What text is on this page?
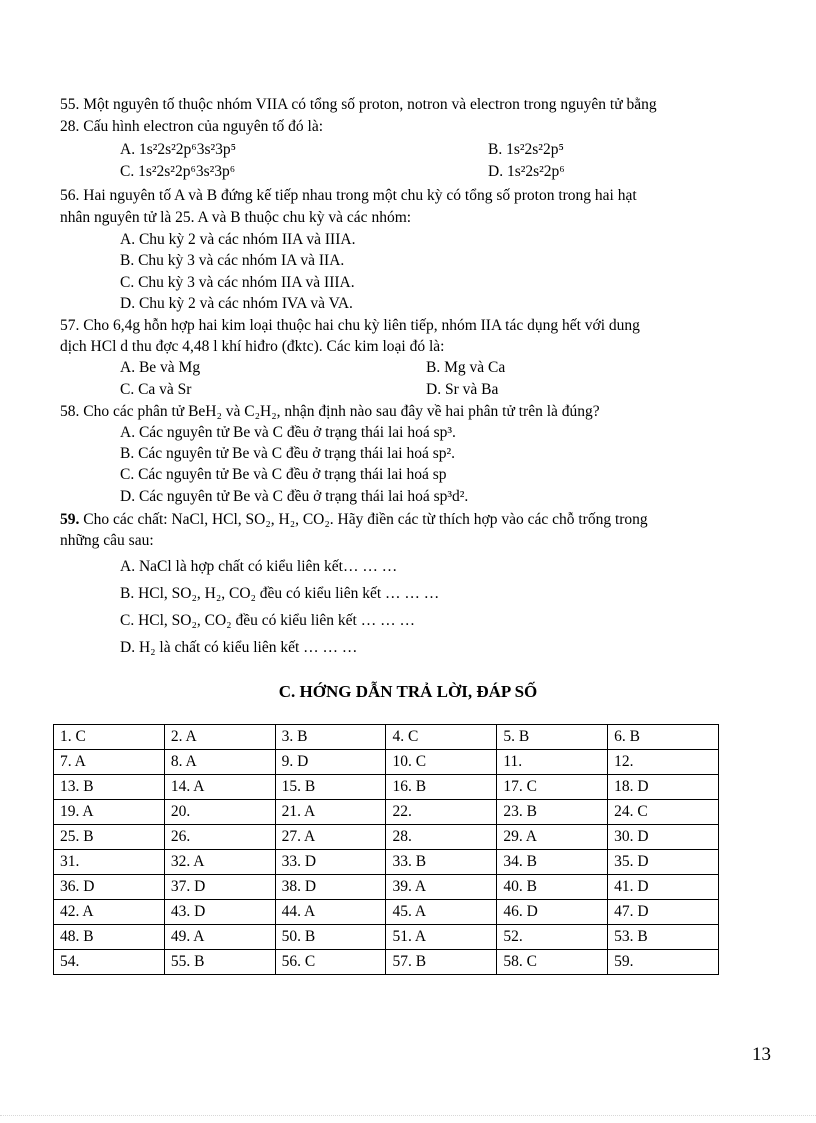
55. Một nguyên tố thuộc nhóm VIIA có tổng số proton, notron và electron trong nguyên tử bằng
28. Cấu hình electron của nguyên tố đó là:
A. 1s²2s²2p⁶3s²3p⁵	B. 1s²2s²2p⁵
C. 1s²2s²2p⁶3s²3p⁶	D. 1s²2s²2p⁶
56. Hai nguyên tố A và B đứng kế tiếp nhau trong một chu kỳ có tổng số proton trong hai hạt
nhân nguyên tử là 25. A và B thuộc chu kỳ và các nhóm:
A. Chu kỳ 2 và các nhóm IIA và IIIA.
B. Chu kỳ 3 và các nhóm IA và IIA.
C. Chu kỳ 3 và các nhóm IIA và IIIA.
D. Chu kỳ 2 và các nhóm IVA và VA.
57. Cho 6,4g hỗn hợp hai kim loại thuộc hai chu kỳ liên tiếp, nhóm IIA tác dụng hết với dung
dịch HCl d thu đợc 4,48 l khí hiđro (đktc). Các kim loại đó là:
A. Be và Mg	B. Mg và Ca
C. Ca và Sr	D. Sr và Ba
58. Cho các phân tử BeH₂ và C₂H₂, nhận định nào sau đây về hai phân tử trên là đúng?
A. Các nguyên tử Be và C đều ở trạng thái lai hoá sp³.
B. Các nguyên tử Be và C đều ở trạng thái lai hoá sp².
C. Các nguyên tử Be và C đều ở trạng thái lai hoá sp
D. Các nguyên tử Be và C đều ở trạng thái lai hoá sp³d².
59. Cho các chất: NaCl, HCl, SO₂, H₂, CO₂. Hãy điền các từ thích hợp vào các chỗ trống trong
những câu sau:
A. NaCl là hợp chất có kiểu liên kết… … …
B. HCl, SO₂, H₂, CO₂ đều có kiểu liên kết … … …
C. HCl, SO₂, CO₂ đều có kiểu liên kết … … …
D. H₂ là chất có kiểu liên kết … … …
C. HỚNG DẪN TRẢ LỜI, ĐÁP SỐ
1. C	2. A	3. B	4. C	5. B	6. B
7. A	8. A	9. D	10. C	11.	12.
13. B	14. A	15. B	16. B	17. C	18. D
19. A	20.	21. A	22.	23. B	24. C
25. B	26.	27. A	28.	29. A	30. D
31.	32. A	33. D	33. B	34. B	35. D
36. D	37. D	38. D	39. A	40. B	41. D
42. A	43. D	44. A	45. A	46. D	47. D
48. B	49. A	50. B	51. A	52.	53. B
54.	55. B	56. C	57. B	58. C	59.
13
